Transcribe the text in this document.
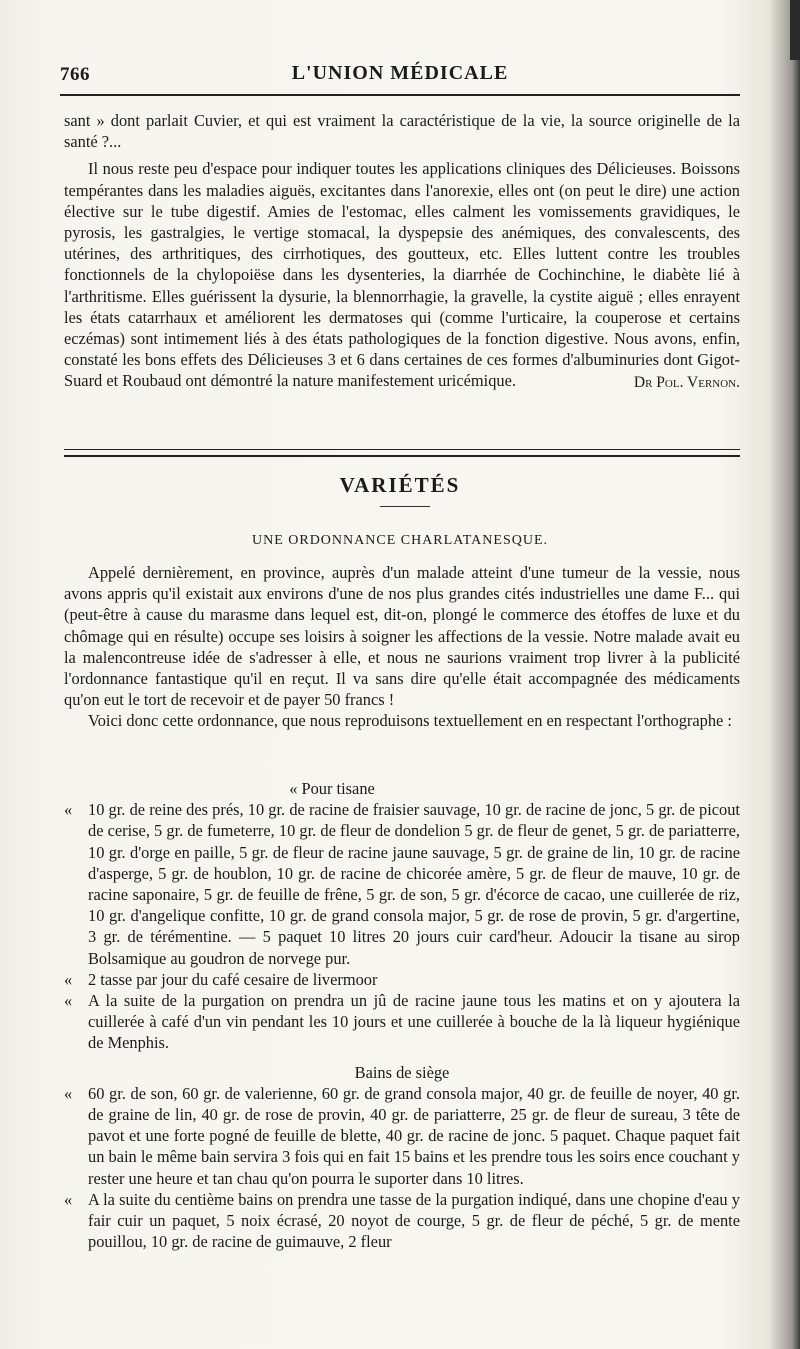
766	L'UNION MÉDICALE

sant » dont parlait Cuvier, et qui est vraiment la caractéristique de la vie, la source originelle de la santé ?...

Il nous reste peu d'espace pour indiquer toutes les applications cliniques des Délicieuses. Boissons tempérantes dans les maladies aiguës, excitantes dans l'anorexie, elles ont (on peut le dire) une action élective sur le tube digestif. Amies de l'estomac, elles calment les vomissements gravidiques, le pyrosis, les gastralgies, le vertige stomacal, la dyspepsie des anémiques, des convalescents, des utérines, des arthritiques, des cirrhotiques, des goutteux, etc. Elles luttent contre les troubles fonctionnels de la chylopoiëse dans les dysenteries, la diarrhée de Cochinchine, le diabète lié à l'arthritisme. Elles guérissent la dysurie, la blennorrhagie, la gravelle, la cystite aiguë ; elles enrayent les états catarrhaux et améliorent les dermatoses qui (comme l'urticaire, la couperose et certains eczémas) sont intimement liés à des états pathologiques de la fonction digestive. Nous avons, enfin, constaté les bons effets des Délicieuses 3 et 6 dans certaines de ces formes d'albuminuries dont Gigot-Suard et Roubaud ont démontré la nature manifestement uricémique.	Dr Pol. Vernon.
VARIÉTÉS
UNE ORDONNANCE CHARLATANESQUE.

Appelé dernièrement, en province, auprès d'un malade atteint d'une tumeur de la vessie, nous avons appris qu'il existait aux environs d'une de nos plus grandes cités industrielles une dame F... qui (peut-être à cause du marasme dans lequel est, dit-on, plongé le commerce des étoffes de luxe et du chômage qui en résulte) occupe ses loisirs à soigner les affections de la vessie. Notre malade avait eu la malencontreuse idée de s'adresser à elle, et nous ne saurions vraiment trop livrer à la publicité l'ordonnance fantastique qu'il en reçut. Il va sans dire qu'elle était accompagnée des médicaments qu'on eut le tort de recevoir et de payer 50 francs !

Voici donc cette ordonnance, que nous reproduisons textuellement en en respectant l'orthographe :

« Pour tisane

« 10 gr. de reine des prés, 10 gr. de racine de fraisier sauvage, 10 gr. de racine de jonc, 5 gr. de picout de cerise, 5 gr. de fumeterre, 10 gr. de fleur de dondelion 5 gr. de fleur de genet, 5 gr. de pariatterre, 10 gr. d'orge en paille, 5 gr. de fleur de racine jaune sauvage, 5 gr. de graine de lin, 10 gr. de racine d'asperge, 5 gr. de houblon, 10 gr. de racine de chicorée amère, 5 gr. de fleur de mauve, 10 gr. de racine saponaire, 5 gr. de feuille de frêne, 5 gr. de son, 5 gr. d'écorce de cacao, une cuillerée de riz, 10 gr. d'angelique confitte, 10 gr. de grand consola major, 5 gr. de rose de provin, 5 gr. d'argertine, 3 gr. de térémentine. — 5 paquet 10 litres 20 jours cuir card'heur. Adoucir la tisane au sirop Bolsamique au goudron de norvege pur.

« 2 tasse par jour du café cesaire de livermoor

« A la suite de la purgation on prendra un jû de racine jaune tous les matins et on y ajoutera la cuillerée à café d'un vin pendant les 10 jours et une cuillerée à bouche de la là liqueur hygiénique de Menphis.

Bains de siège

« 60 gr. de son, 60 gr. de valerienne, 60 gr. de grand consola major, 40 gr. de feuille de noyer, 40 gr. de graine de lin, 40 gr. de rose de provin, 40 gr. de pariatterre, 25 gr. de fleur de sureau, 3 tête de pavot et une forte pogné de feuille de blette, 40 gr. de racine de jonc. 5 paquet. Chaque paquet fait un bain le même bain servira 3 fois qui en fait 15 bains et les prendre tous les soirs ence couchant y rester une heure et tan chau qu'on pourra le suporter dans 10 litres.

« A la suite du centième bains on prendra une tasse de la purgation indiqué, dans une chopine d'eau y fair cuir un paquet, 5 noix écrasé, 20 noyot de courge, 5 gr. de fleur de péché, 5 gr. de mente pouillou, 10 gr. de racine de guimauve, 2 fleur
